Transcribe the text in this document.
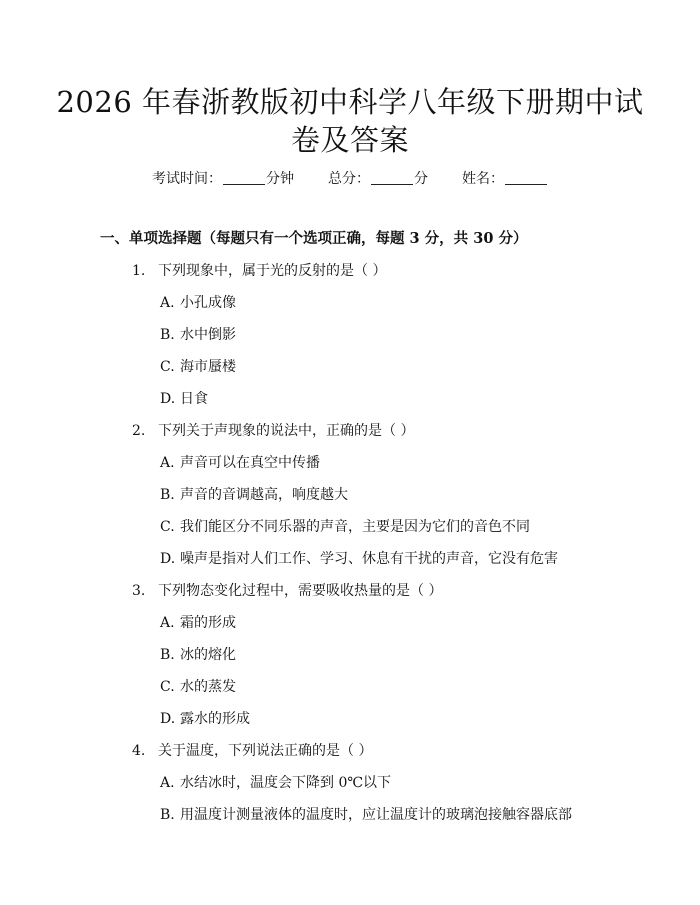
2026 年春浙教版初中科学八年级下册期中试
卷及答案
考试时间：	分钟 总分：	分 姓名：
一、单项选择题（每题只有一个选项正确，每题 3 分，共 30 分）
1. 下列现象中，属于光的反射的是（ ）
A. 小孔成像
B. 水中倒影
C. 海市蜃楼
D. 日食
2. 下列关于声现象的说法中，正确的是（ ）
A. 声音可以在真空中传播
B. 声音的音调越高，响度越大
C. 我们能区分不同乐器的声音，主要是因为它们的音色不同
D. 噪声是指对人们工作、学习、休息有干扰的声音，它没有危害
3. 下列物态变化过程中，需要吸收热量的是（ ）
A. 霜的形成
B. 冰的熔化
C. 水的蒸发
D. 露水的形成
4. 关于温度，下列说法正确的是（ ）
A. 水结冰时，温度会下降到 0℃以下
B. 用温度计测量液体的温度时，应让温度计的玻璃泡接触容器底部
